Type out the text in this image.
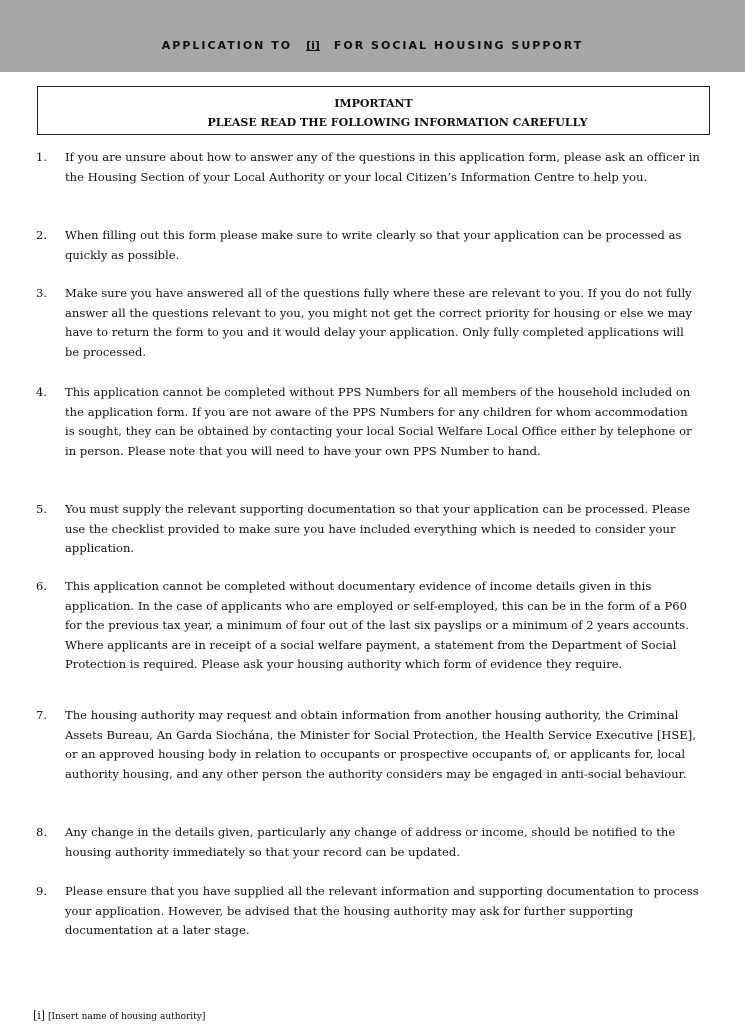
APPLICATION TO [i] FOR SOCIAL HOUSING SUPPORT
IMPORTANT
PLEASE READ THE FOLLOWING INFORMATION CAREFULLY
1. If you are unsure about how to answer any of the questions in this application form, please ask an officer in the Housing Section of your Local Authority or your local Citizen’s Information Centre to help you.
2. When filling out this form please make sure to write clearly so that your application can be processed as quickly as possible.
3. Make sure you have answered all of the questions fully where these are relevant to you. If you do not fully answer all the questions relevant to you, you might not get the correct priority for housing or else we may have to return the form to you and it would delay your application. Only fully completed applications will be processed.
4. This application cannot be completed without PPS Numbers for all members of the household included on the application form. If you are not aware of the PPS Numbers for any children for whom accommodation is sought, they can be obtained by contacting your local Social Welfare Local Office either by telephone or in person. Please note that you will need to have your own PPS Number to hand.
5. You must supply the relevant supporting documentation so that your application can be processed. Please use the checklist provided to make sure you have included everything which is needed to consider your application.
6. This application cannot be completed without documentary evidence of income details given in this application. In the case of applicants who are employed or self-employed, this can be in the form of a P60 for the previous tax year, a minimum of four out of the last six payslips or a minimum of 2 years accounts. Where applicants are in receipt of a social welfare payment, a statement from the Department of Social Protection is required. Please ask your housing authority which form of evidence they require.
7. The housing authority may request and obtain information from another housing authority, the Criminal Assets Bureau, An Garda Siochána, the Minister for Social Protection, the Health Service Executive [HSE], or an approved housing body in relation to occupants or prospective occupants of, or applicants for, local authority housing, and any other person the authority considers may be engaged in anti-social behaviour.
8. Any change in the details given, particularly any change of address or income, should be notified to the housing authority immediately so that your record can be updated.
9. Please ensure that you have supplied all the relevant information and supporting documentation to process your application. However, be advised that the housing authority may ask for further supporting documentation at a later stage.
[i] [Insert name of housing authority]
